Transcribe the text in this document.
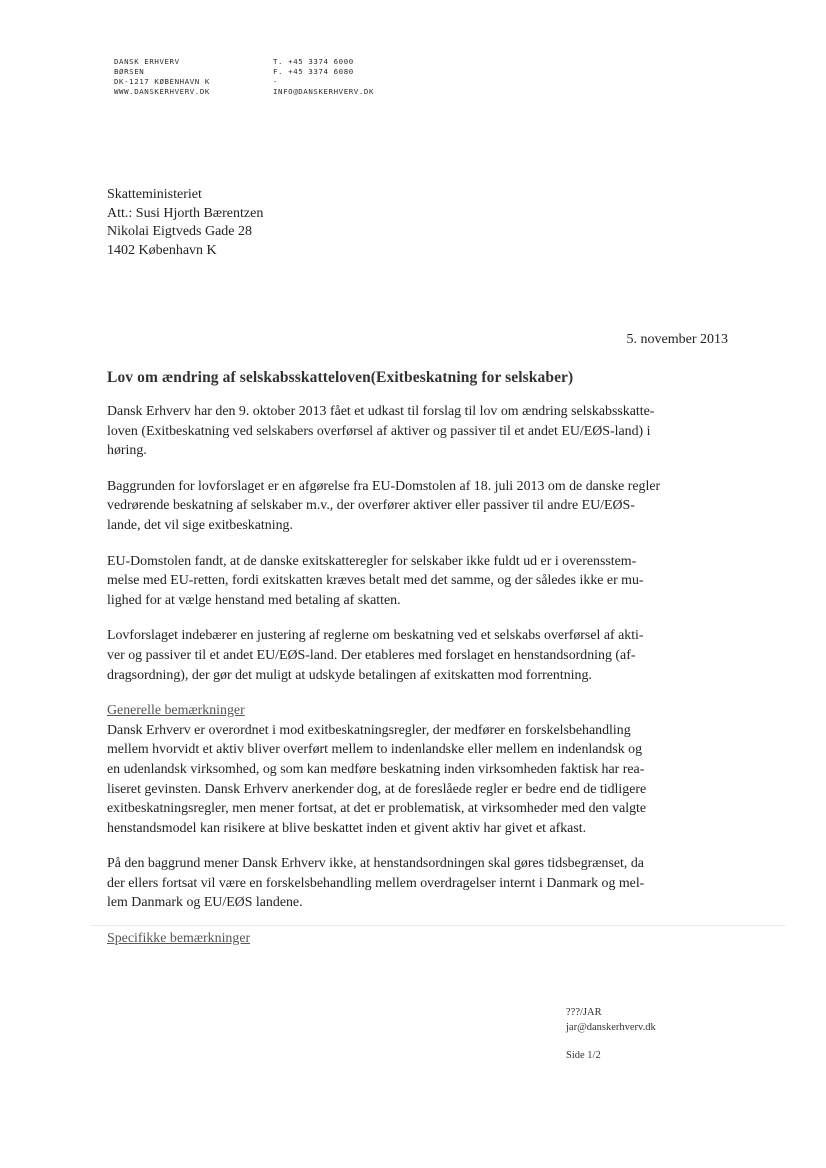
DANSK ERHVERV
BØRSEN
DK-1217 KØBENHAVN K
WWW.DANSKERHVERV.DK
T. +45 3374 6000
F. +45 3374 6080
-
INFO@DANSKERHVERV.DK
Skatteministeriet
Att.: Susi Hjorth Bærentzen
Nikolai Eigtveds Gade 28
1402 København K
5. november 2013
Lov om ændring af selskabsskatteloven(Exitbeskatning for selskaber)

Dansk Erhverv har den 9. oktober 2013 fået et udkast til forslag til lov om ændring selskabsskatte-
loven (Exitbeskatning ved selskabers overførsel af aktiver og passiver til et andet EU/EØS-land) i
høring.

Baggrunden for lovforslaget er en afgørelse fra EU-Domstolen af 18. juli 2013 om de danske regler
vedrørende beskatning af selskaber m.v., der overfører aktiver eller passiver til andre EU/EØS-
lande, det vil sige exitbeskatning.

EU-Domstolen fandt, at de danske exitskatteregler for selskaber ikke fuldt ud er i overensstem-
melse med EU-retten, fordi exitskatten kræves betalt med det samme, og der således ikke er mu-
lighed for at vælge henstand med betaling af skatten.

Lovforslaget indebærer en justering af reglerne om beskatning ved et selskabs overførsel af akti-
ver og passiver til et andet EU/EØS-land. Der etableres med forslaget en henstandsordning (af-
dragsordning), der gør det muligt at udskyde betalingen af exitskatten mod forrentning.

Generelle bemærkninger
Dansk Erhverv er overordnet i mod exitbeskatningsregler, der medfører en forskelsbehandling
mellem hvorvidt et aktiv bliver overført mellem to indenlandske eller mellem en indenlandsk og
en udenlandsk virksomhed, og som kan medføre beskatning inden virksomheden faktisk har rea-
liseret gevinsten. Dansk Erhverv anerkender dog, at de foreslåede regler er bedre end de tidligere
exitbeskatningsregler, men mener fortsat, at det er problematisk, at virksomheder med den valgte
henstandsmodel kan risikere at blive beskattet inden et givent aktiv har givet et afkast.

På den baggrund mener Dansk Erhverv ikke, at henstandsordningen skal gøres tidsbegrænset, da
der ellers fortsat vil være en forskelsbehandling mellem overdragelser internt i Danmark og mel-
lem Danmark og EU/EØS landene.

Specifikke bemærkninger

???/JAR
jar@danskerhverv.dk
Side 1/2
